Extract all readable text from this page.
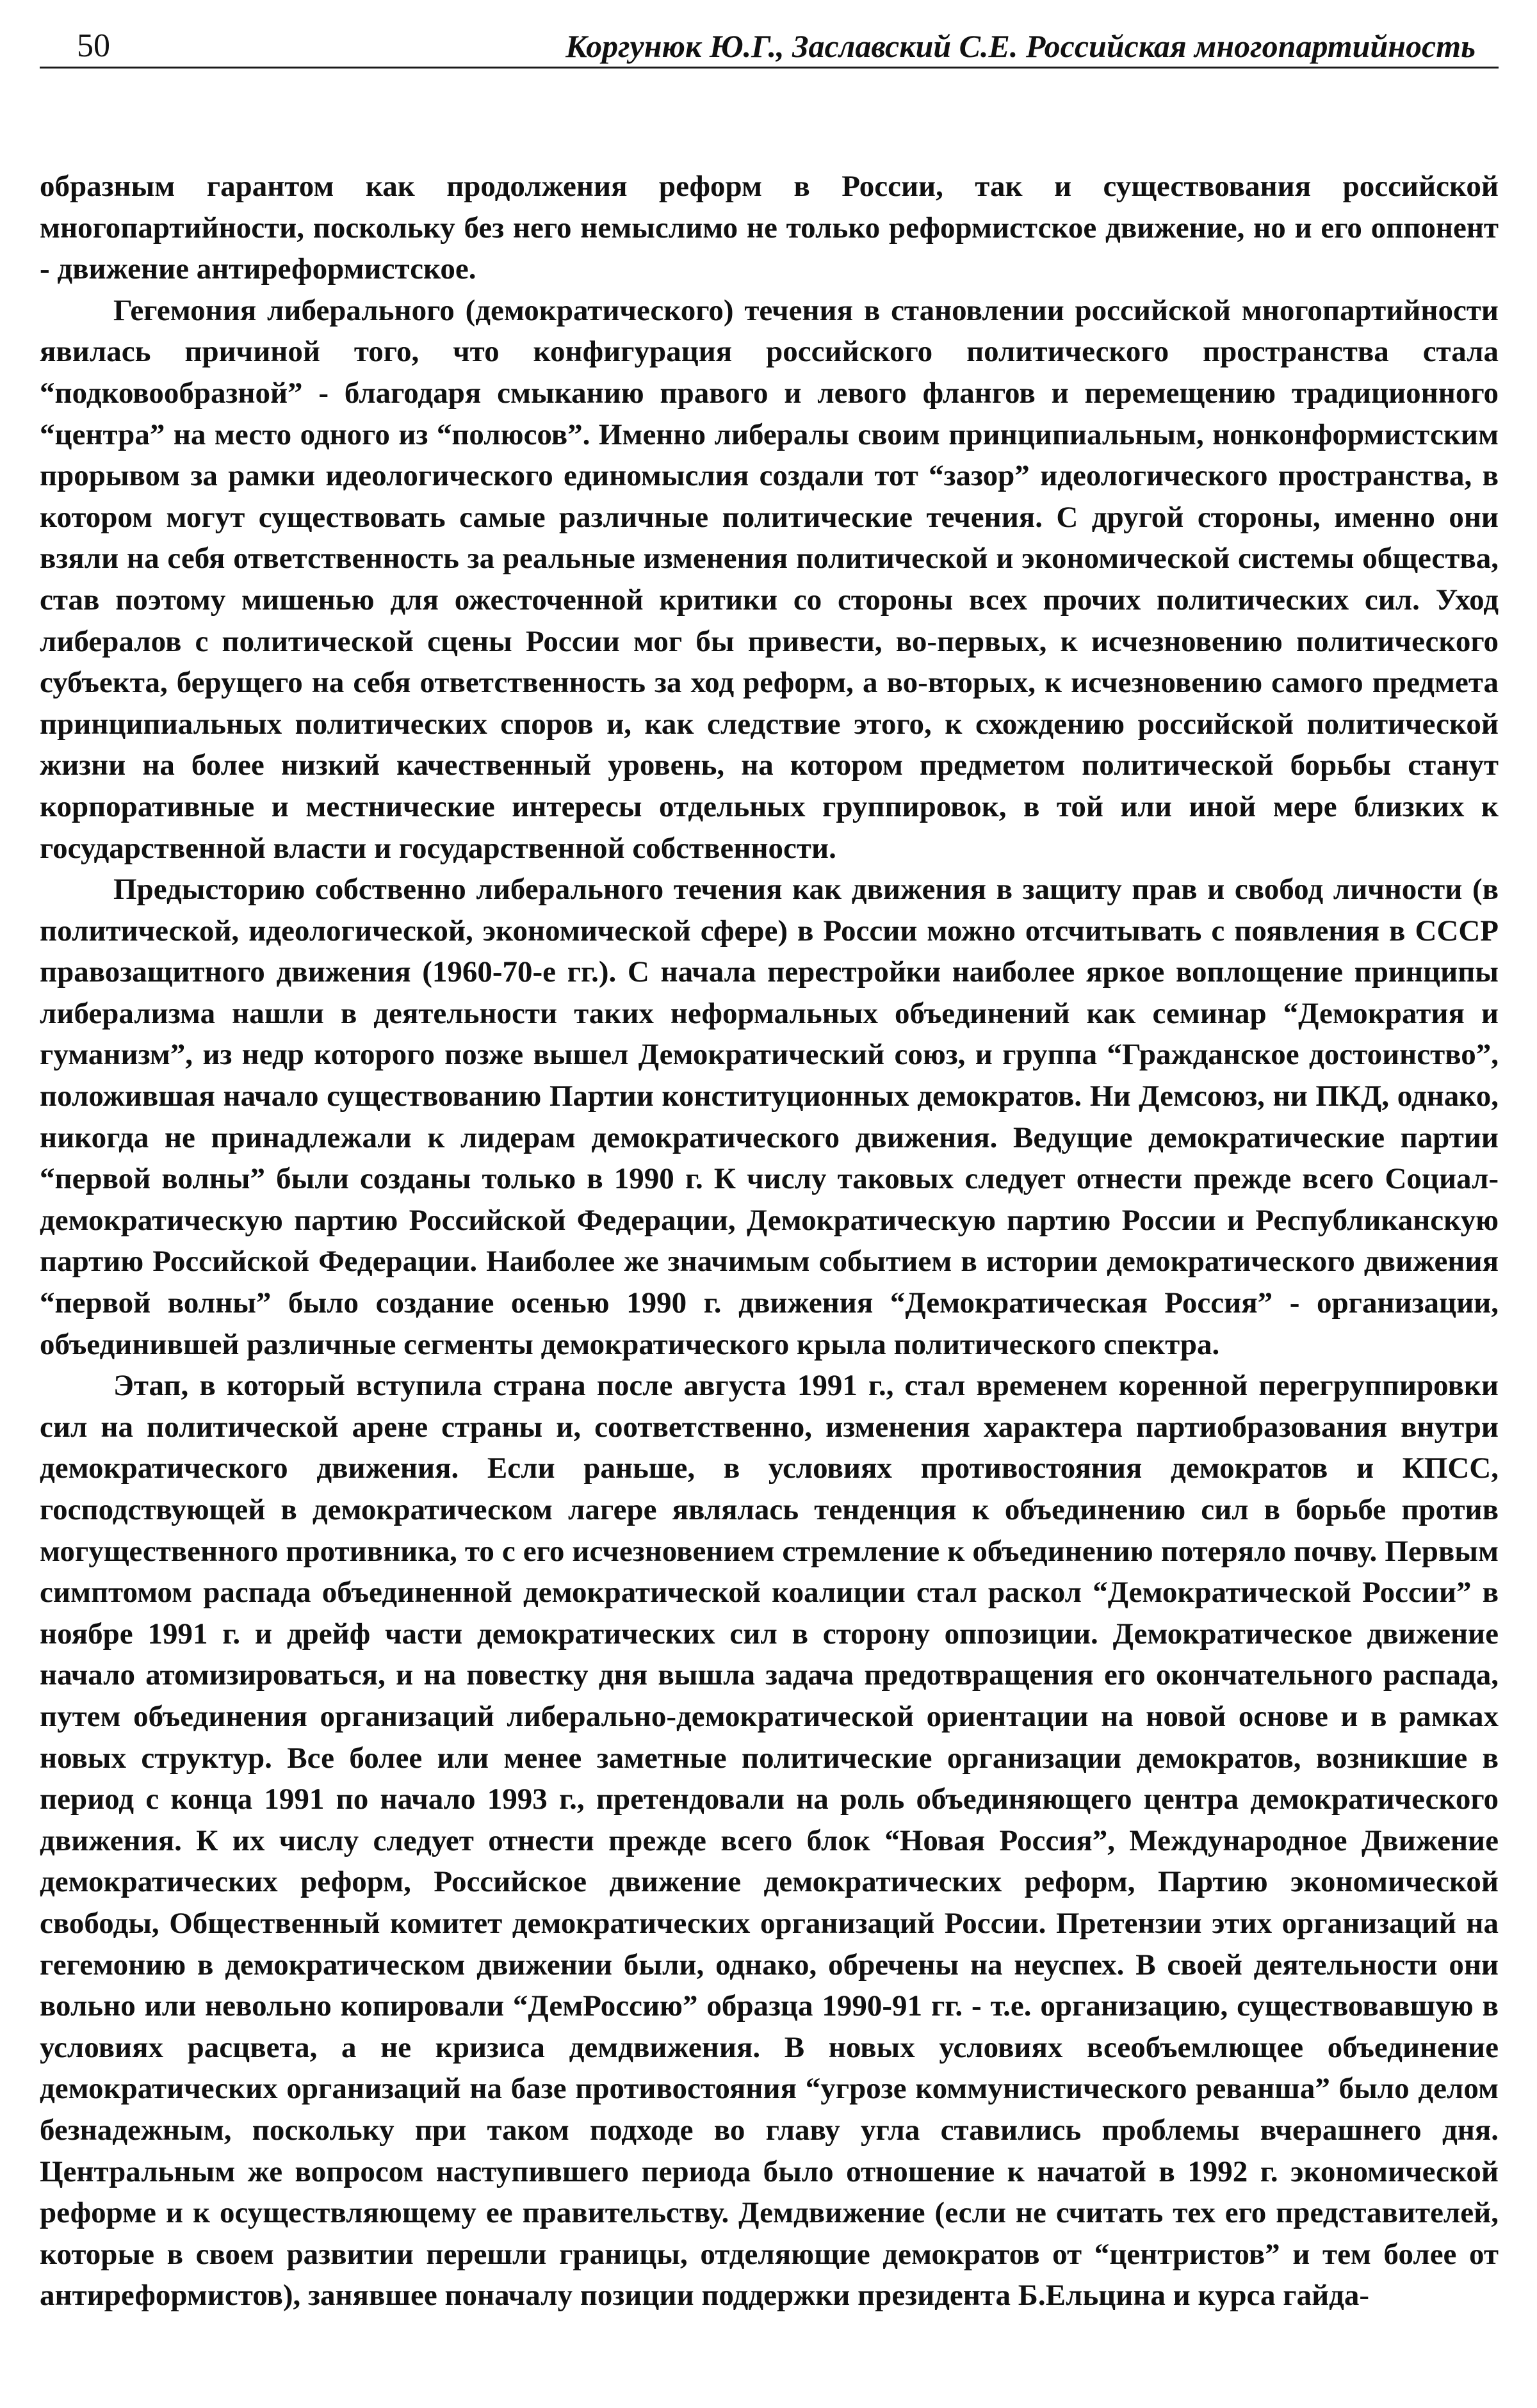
50	Коргунюк Ю.Г., Заславский С.Е. Российская многопартийность

образным гарантом как продолжения реформ в России, так и существования российской многопартийности, поскольку без него немыслимо не только реформистское движение, но и его оппонент - движение антиреформистское.

Гегемония либерального (демократического) течения в становлении российской многопартийности явилась причиной того, что конфигурация российского политического пространства стала “подковообразной” - благодаря смыканию правого и левого флангов и перемещению традиционного “центра” на место одного из “полюсов”. Именно либералы своим принципиальным, нонконформистским прорывом за рамки идеологического единомыслия создали тот “зазор” идеологического пространства, в котором могут существовать самые различные политические течения. С другой стороны, именно они взяли на себя ответственность за реальные изменения политической и экономической системы общества, став поэтому мишенью для ожесточенной критики со стороны всех прочих политических сил. Уход либералов с политической сцены России мог бы привести, во-первых, к исчезновению политического субъекта, берущего на себя ответственность за ход реформ, а во-вторых, к исчезновению самого предмета принципиальных политических споров и, как следствие этого, к схождению российской политической жизни на более низкий качественный уровень, на котором предметом политической борьбы станут корпоративные и местнические интересы отдельных группировок, в той или иной мере близких к государственной власти и государственной собственности.

Предысторию собственно либерального течения как движения в защиту прав и свобод личности (в политической, идеологической, экономической сфере) в России можно отсчитывать с появления в СССР правозащитного движения (1960-70-е гг.). С начала перестройки наиболее яркое воплощение принципы либерализма нашли в деятельности таких неформальных объединений как семинар “Демократия и гуманизм”, из недр которого позже вышел Демократический союз, и группа “Гражданское достоинство”, положившая начало существованию Партии конституционных демократов. Ни Демсоюз, ни ПКД, однако, никогда не принадлежали к лидерам демократического движения. Ведущие демократические партии “первой волны” были созданы только в 1990 г. К числу таковых следует отнести прежде всего Социал-демократическую партию Российской Федерации, Демократическую партию России и Республиканскую партию Российской Федерации. Наиболее же значимым событием в истории демократического движения “первой волны” было создание осенью 1990 г. движения “Демократическая Россия” - организации, объединившей различные сегменты демократического крыла политического спектра.

Этап, в который вступила страна после августа 1991 г., стал временем коренной перегруппировки сил на политической арене страны и, соответственно, изменения характера партиобразования внутри демократического движения. Если раньше, в условиях противостояния демократов и КПСС, господствующей в демократическом лагере являлась тенденция к объединению сил в борьбе против могущественного противника, то с его исчезновением стремление к объединению потеряло почву. Первым симптомом распада объединенной демократической коалиции стал раскол “Демократической России” в ноябре 1991 г. и дрейф части демократических сил в сторону оппозиции. Демократическое движение начало атомизироваться, и на повестку дня вышла задача предотвращения его окончательного распада, путем объединения организаций либерально-демократической ориентации на новой основе и в рамках новых структур. Все более или менее заметные политические организации демократов, возникшие в период с конца 1991 по начало 1993 г., претендовали на роль объединяющего центра демократического движения. К их числу следует отнести прежде всего блок “Новая Россия”, Международное Движение демократических реформ, Российское движение демократических реформ, Партию экономической свободы, Общественный комитет демократических организаций России. Претензии этих организаций на гегемонию в демократическом движении были, однако, обречены на неуспех. В своей деятельности они вольно или невольно копировали “ДемРоссию” образца 1990-91 гг. - т.е. организацию, существовавшую в условиях расцвета, а не кризиса демдвижения. В новых условиях всеобъемлющее объединение демократических организаций на базе противостояния “угрозе коммунистического реванша” было делом безнадежным, поскольку при таком подходе во главу угла ставились проблемы вчерашнего дня. Центральным же вопросом наступившего периода было отношение к начатой в 1992 г. экономической реформе и к осуществляющему ее правительству. Демдвижение (если не считать тех его представителей, которые в своем развитии перешли границы, отделяющие демократов от “центристов” и тем более от антиреформистов), занявшее поначалу позиции поддержки президента Б.Ельцина и курса гайда-
